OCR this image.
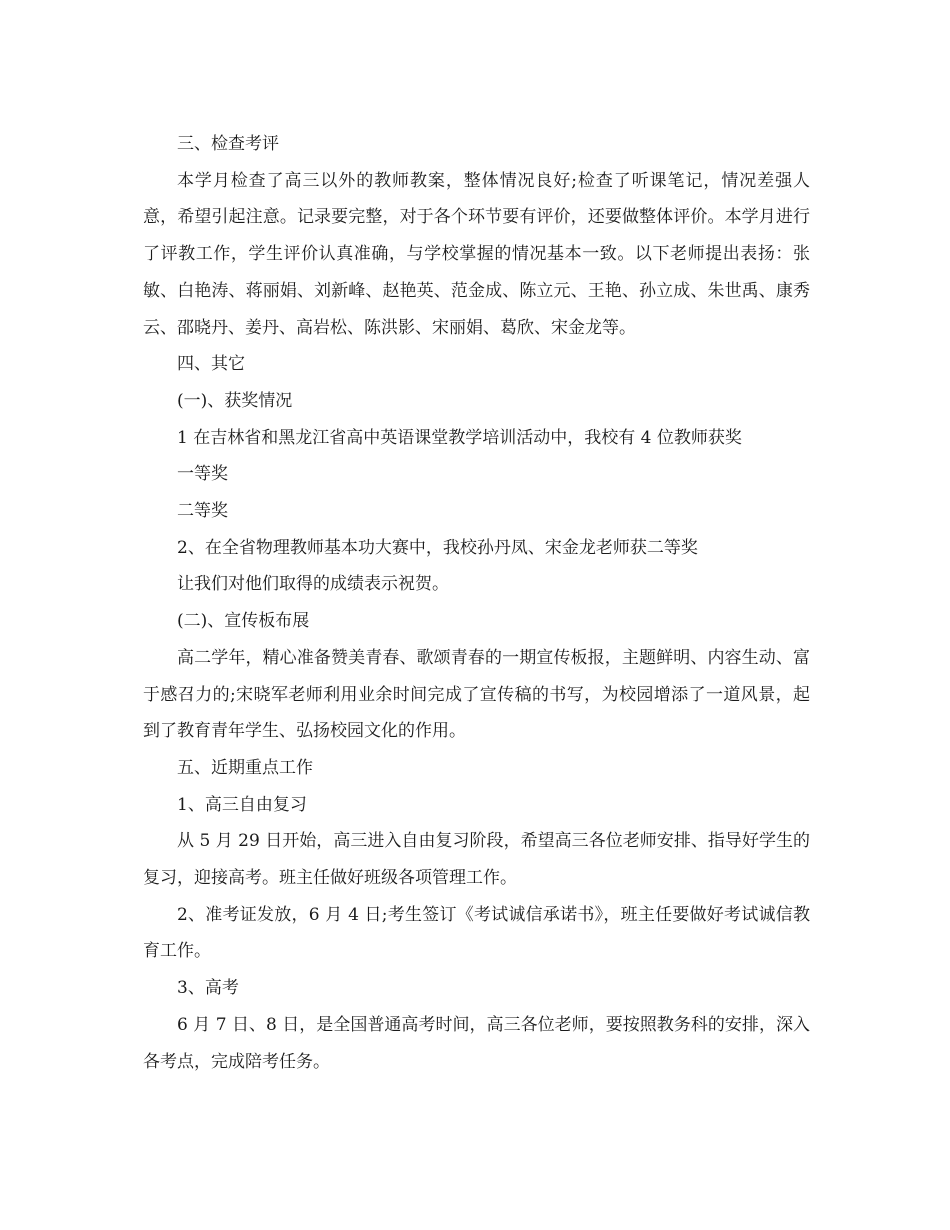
三、检查考评

本学月检查了高三以外的教师教案，整体情况良好;检查了听课笔记，情况差强人意，希望引起注意。记录要完整，对于各个环节要有评价，还要做整体评价。本学月进行了评教工作，学生评价认真准确，与学校掌握的情况基本一致。以下老师提出表扬：张敏、白艳涛、蒋丽娟、刘新峰、赵艳英、范金成、陈立元、王艳、孙立成、朱世禹、康秀云、邵晓丹、姜丹、高岩松、陈洪影、宋丽娟、葛欣、宋金龙等。

四、其它

(一)、获奖情况

1 在吉林省和黑龙江省高中英语课堂教学培训活动中，我校有 4 位教师获奖

一等奖

二等奖

2、在全省物理教师基本功大赛中，我校孙丹凤、宋金龙老师获二等奖

让我们对他们取得的成绩表示祝贺。

(二)、宣传板布展

高二学年，精心准备赞美青春、歌颂青春的一期宣传板报，主题鲜明、内容生动、富于感召力的;宋晓军老师利用业余时间完成了宣传稿的书写，为校园增添了一道风景，起到了教育青年学生、弘扬校园文化的作用。

五、近期重点工作

1、高三自由复习

从 5 月 29 日开始，高三进入自由复习阶段，希望高三各位老师安排、指导好学生的复习，迎接高考。班主任做好班级各项管理工作。

2、准考证发放，6 月 4 日;考生签订《考试诚信承诺书》，班主任要做好考试诚信教育工作。

3、高考

6 月 7 日、8 日，是全国普通高考时间，高三各位老师，要按照教务科的安排，深入各考点，完成陪考任务。
